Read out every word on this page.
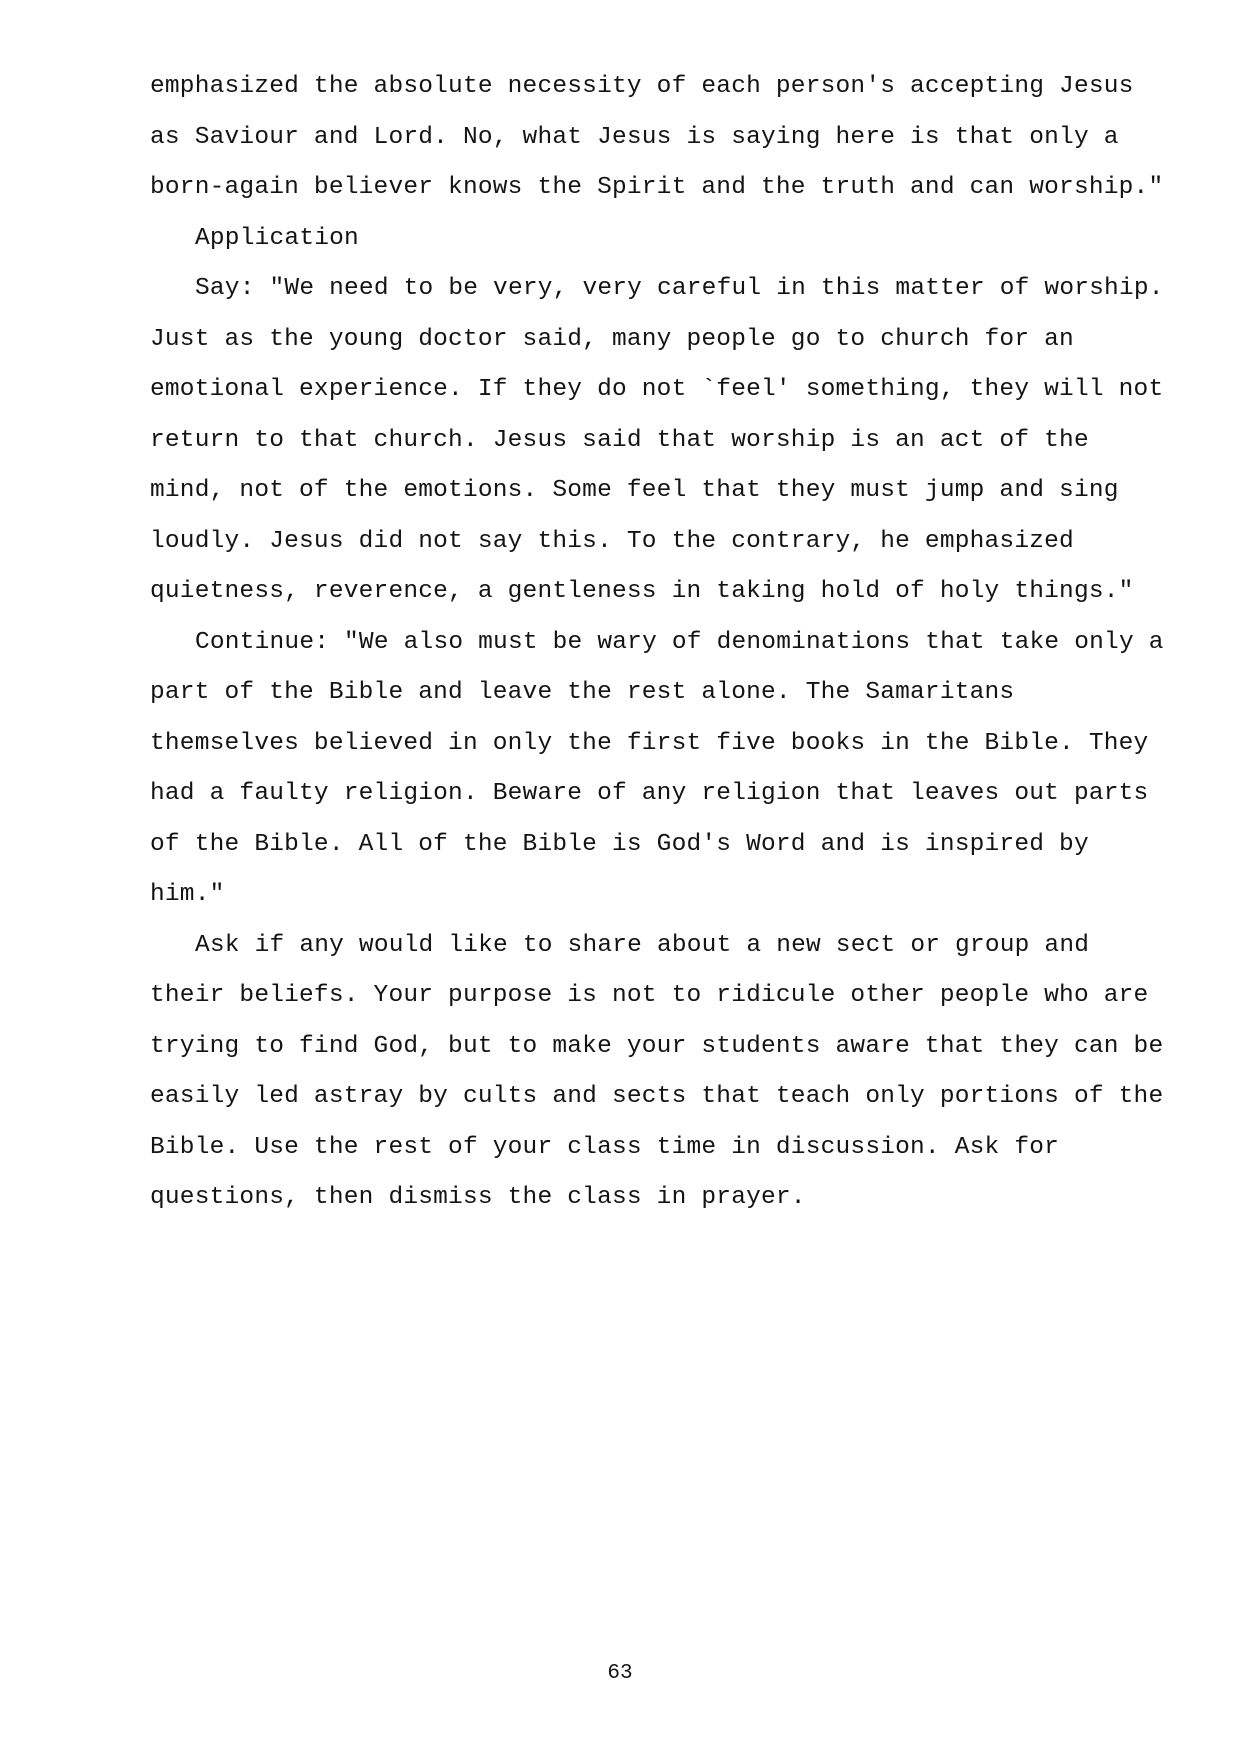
emphasized the absolute necessity of each person's accepting Jesus
as Saviour and Lord. No, what Jesus is saying here is that only a
born-again believer knows the Spirit and the truth and can worship."
Application
Say: "We need to be very, very careful in this matter of worship.
Just as the young doctor said, many people go to church for an
emotional experience. If they do not `feel' something, they will not
return to that church. Jesus said that worship is an act of the
mind, not of the emotions. Some feel that they must jump and sing
loudly. Jesus did not say this. To the contrary, he emphasized
quietness, reverence, a gentleness in taking hold of holy things."
Continue: "We also must be wary of denominations that take only a
part of the Bible and leave the rest alone. The Samaritans
themselves believed in only the first five books in the Bible. They
had a faulty religion. Beware of any religion that leaves out parts
of the Bible. All of the Bible is God's Word and is inspired by
him."
Ask if any would like to share about a new sect or group and
their beliefs. Your purpose is not to ridicule other people who are
trying to find God, but to make your students aware that they can be
easily led astray by cults and sects that teach only portions of the
Bible. Use the rest of your class time in discussion. Ask for
questions, then dismiss the class in prayer.
63
